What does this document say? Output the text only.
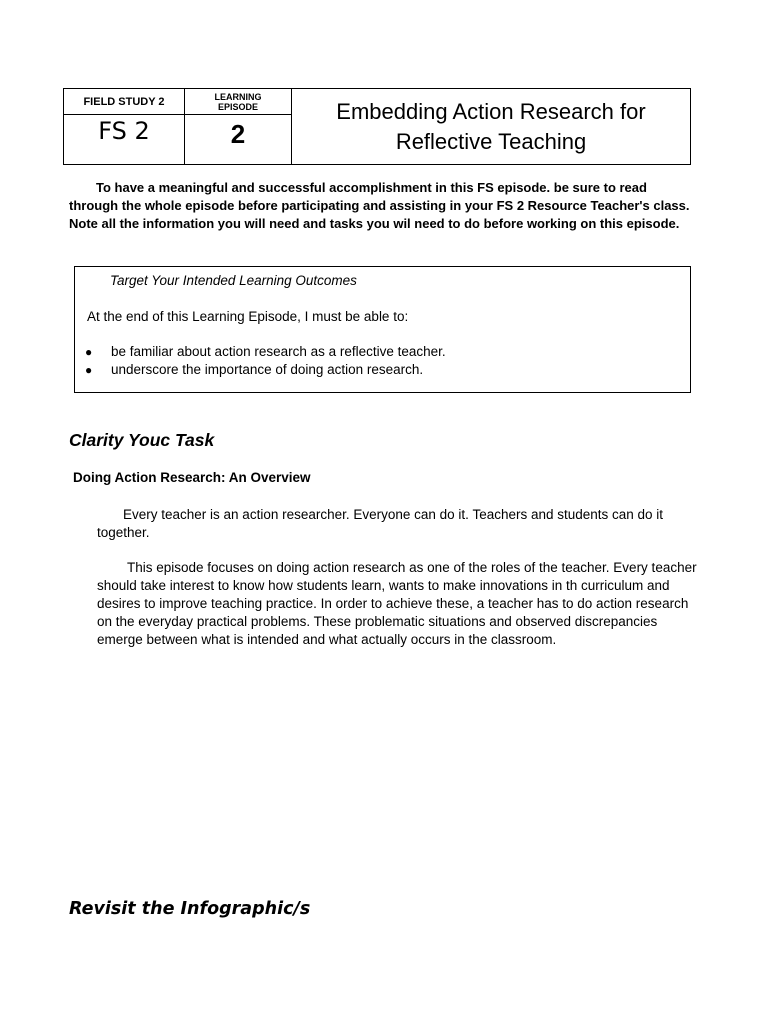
FIELD STUDY 2
FS 2
LEARNING
EPISODE
2
Embedding Action Research for
Reflective Teaching
To have a meaningful and successful accomplishment in this FS episode. be sure to read through the whole episode before participating and assisting in your FS 2 Resource Teacher's class. Note all the information you will need and tasks you wil need to do before working on this episode.
Target Your Intended Learning Outcomes
At the end of this Learning Episode, I must be able to:
● be familiar about action research as a reflective teacher.
● underscore the importance of doing action research.
Clarity Youc Task
Doing Action Research: An Overview
Every teacher is an action researcher. Everyone can do it. Teachers and students can do it together.
This episode focuses on doing action research as one of the roles of the teacher. Every teacher should take interest to know how students learn, wants to make innovations in th curriculum and desires to improve teaching practice. In order to achieve these, a teacher has to do action research on the everyday practical problems. These problematic situations and observed discrepancies emerge between what is intended and what actually occurs in the classroom.
Revisit the Infographic/s
